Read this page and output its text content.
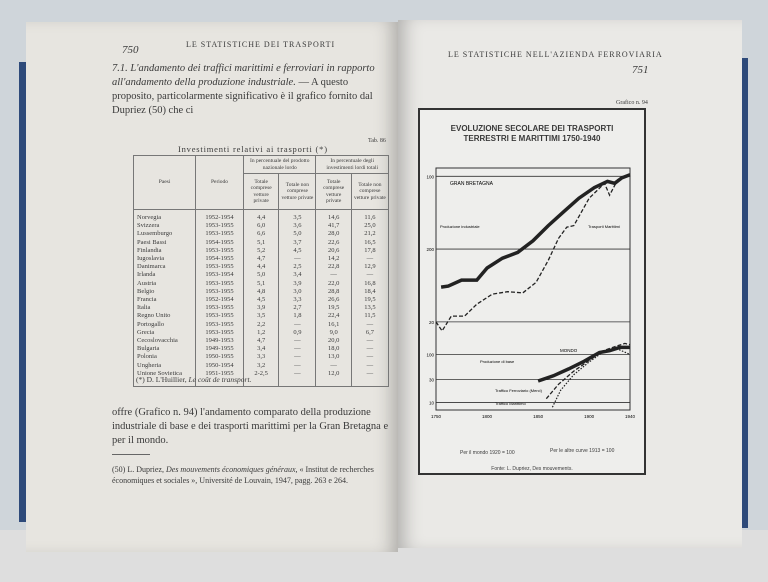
750	LE STATISTICHE DEI TRASPORTI
7.1. L'andamento dei traffici marittimi e ferroviari in rapporto all'andamento della produzione industriale. — A questo proposito, particolarmente significativo è il grafico fornito dal Dupriez (50) che ci
Investimenti relativi ai trasporti (*)
Tab. 86
Paesi	Periodo	In percentuale del prodotto nazionale lordo		In percentuale degli investimenti lordi totali	
		Totale comprese vetture private	Totale non comprese vetture private	Totale comprese vetture private	Totale non comprese vetture private
Norvegia	1952-1954	4,4	3,5	14,6	11,6
Svizzera	1953-1955	6,0	3,6	41,7	25,0
Lussemburgo	1953-1955	6,6	5,0	28,0	21,2
Paesi Bassi	1954-1955	5,1	3,7	22,6	16,5
Finlandia	1953-1955	5,2	4,5	20,6	17,8
Iugoslavia	1954-1955	4,7	—	14,2	—
Danimarca	1953-1955	4,4	2,5	22,8	12,9
Irlanda	1953-1954	5,0	3,4	—	—
Austria	1953-1955	5,1	3,9	22,0	16,8
Belgio	1953-1955	4,8	3,0	28,8	18,4
Francia	1952-1954	4,5	3,3	26,6	19,5
Italia	1953-1955	3,9	2,7	19,5	13,5
Regno Unito	1953-1955	3,5	1,8	22,4	11,5
Portogallo	1953-1955	2,2	—	16,1	—
Grecia	1953-1955	1,2	0,9	9,0	6,7
Cecoslovacchia	1949-1953	4,7	—	20,0	—
Bulgaria	1949-1955	3,4	—	18,0	—
Polonia	1950-1955	3,3	—	13,0	—
Ungheria	1950-1954	3,2	—	—	—
Unione Sovietica	1951-1955	2-2,5	—	12,0	—
(*) D. L'Huillier, Le coût de transport.
offre (Grafico n. 94) l'andamento comparato della produzione industriale di base e dei trasporti marittimi per la Gran Bretagna e per il mondo.
(50) L. Dupriez, Des mouvements économiques généraux, « Institut de recherches économiques et sociales », Université de Louvain, 1947, pagg. 263 e 264.
LE STATISTICHE NELL'AZIENDA FERROVIARIA
751
Grafico n. 94
EVOLUZIONE SECOLARE DEI TRASPORTI TERRESTRI E MARITTIMI 1750-1940
20
200
100
GRAN BRETAGNA
10
30
100
MONDO
Produzione industriale	Trasporti Marittimi
Produzione di base
Traffico Ferroviario (Merci)
Traffico Marittimo
1750	1800	1850	1900	1940
Per il mondo 1920 = 100	Per le altre curve 1913 = 100
Fonte: L. Dupriez, Des mouvements.
